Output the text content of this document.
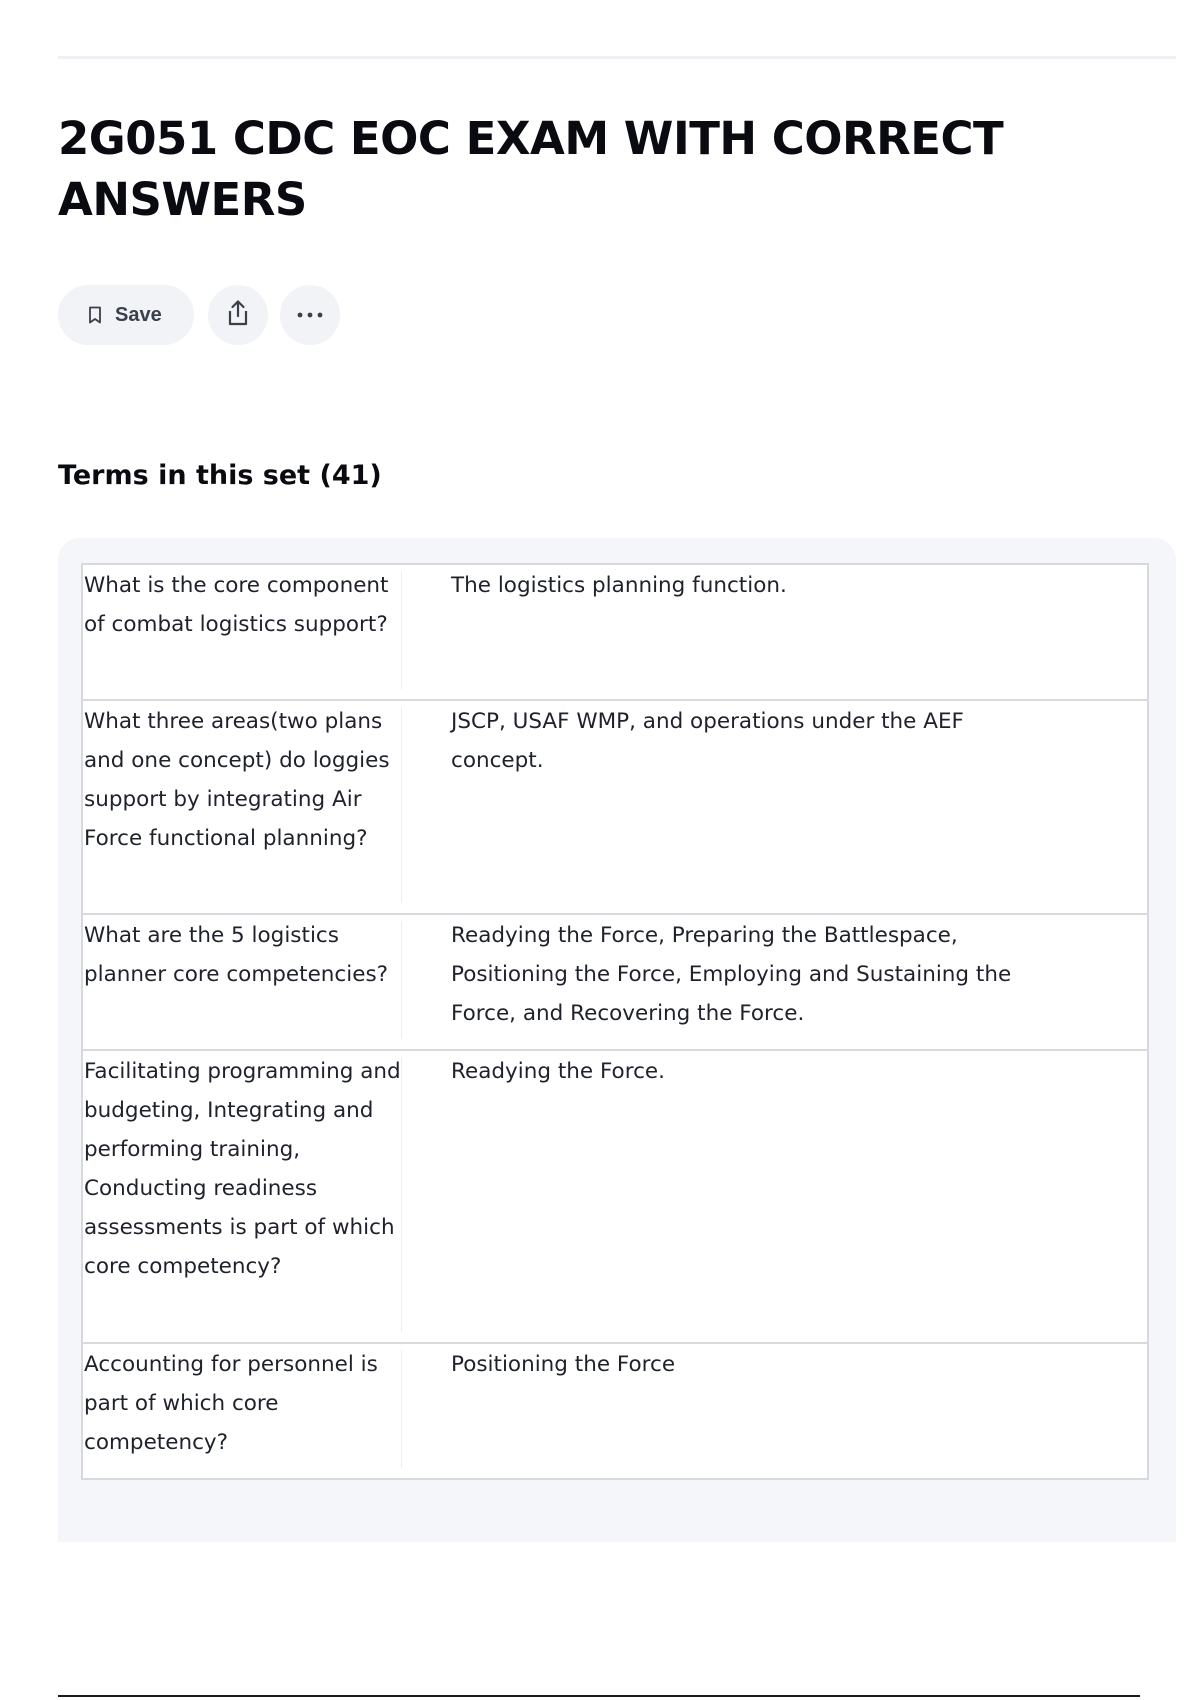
2G051 CDC EOC EXAM WITH CORRECT ANSWERS
Save
Terms in this set (41)
What is the core component of combat logistics support?
The logistics planning function.
What three areas(two plans and one concept) do loggies support by integrating Air Force functional planning?
JSCP, USAF WMP, and operations under the AEF concept.
What are the 5 logistics planner core competencies?
Readying the Force, Preparing the Battlespace, Positioning the Force, Employing and Sustaining the Force, and Recovering the Force.
Facilitating programming and budgeting, Integrating and performing training, Conducting readiness assessments is part of which core competency?
Readying the Force.
Accounting for personnel is part of which core competency?
Positioning the Force
